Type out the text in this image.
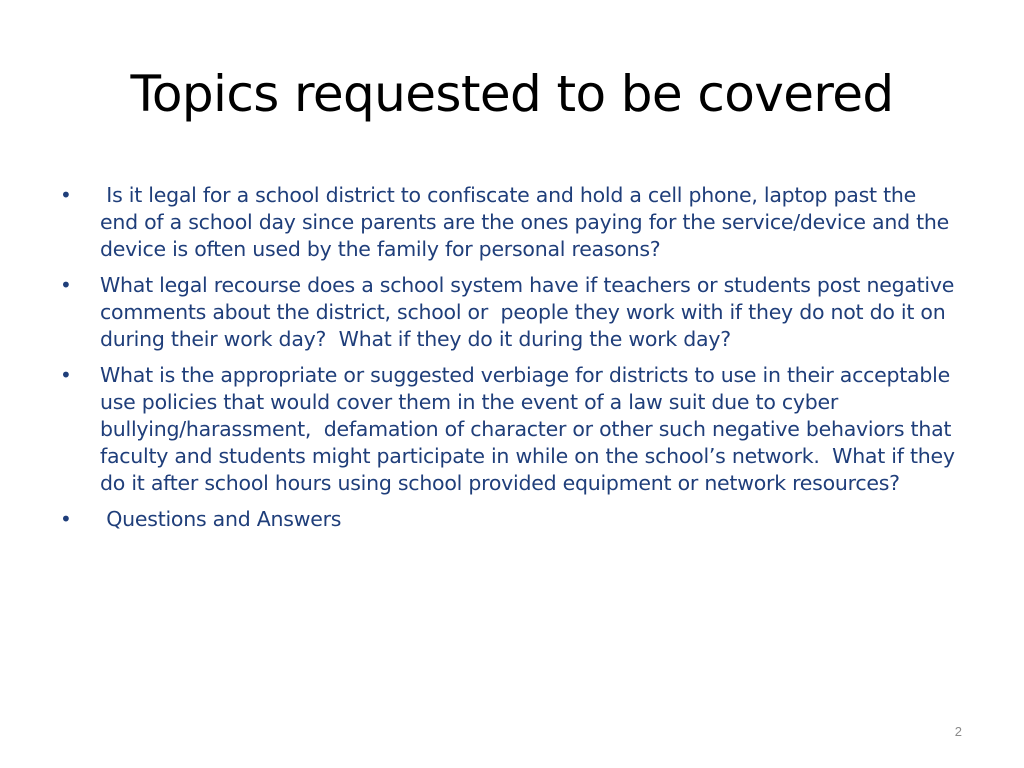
Topics requested to be covered
•	Is it legal for a school district to confiscate and hold a cell phone, laptop past the end of a school day since parents are the ones paying for the service/device and the device is often used by the family for personal reasons?
•	What legal recourse does a school system have if teachers or students post negative comments about the district, school or  people they work with if they do not do it on during their work day?  What if they do it during the work day?
•	What is the appropriate or suggested verbiage for districts to use in their acceptable use policies that would cover them in the event of a law suit due to cyber bullying/harassment,  defamation of character or other such negative behaviors that faculty and students might participate in while on the school’s network.  What if they do it after school hours using school provided equipment or network resources?
•	Questions and Answers
2
